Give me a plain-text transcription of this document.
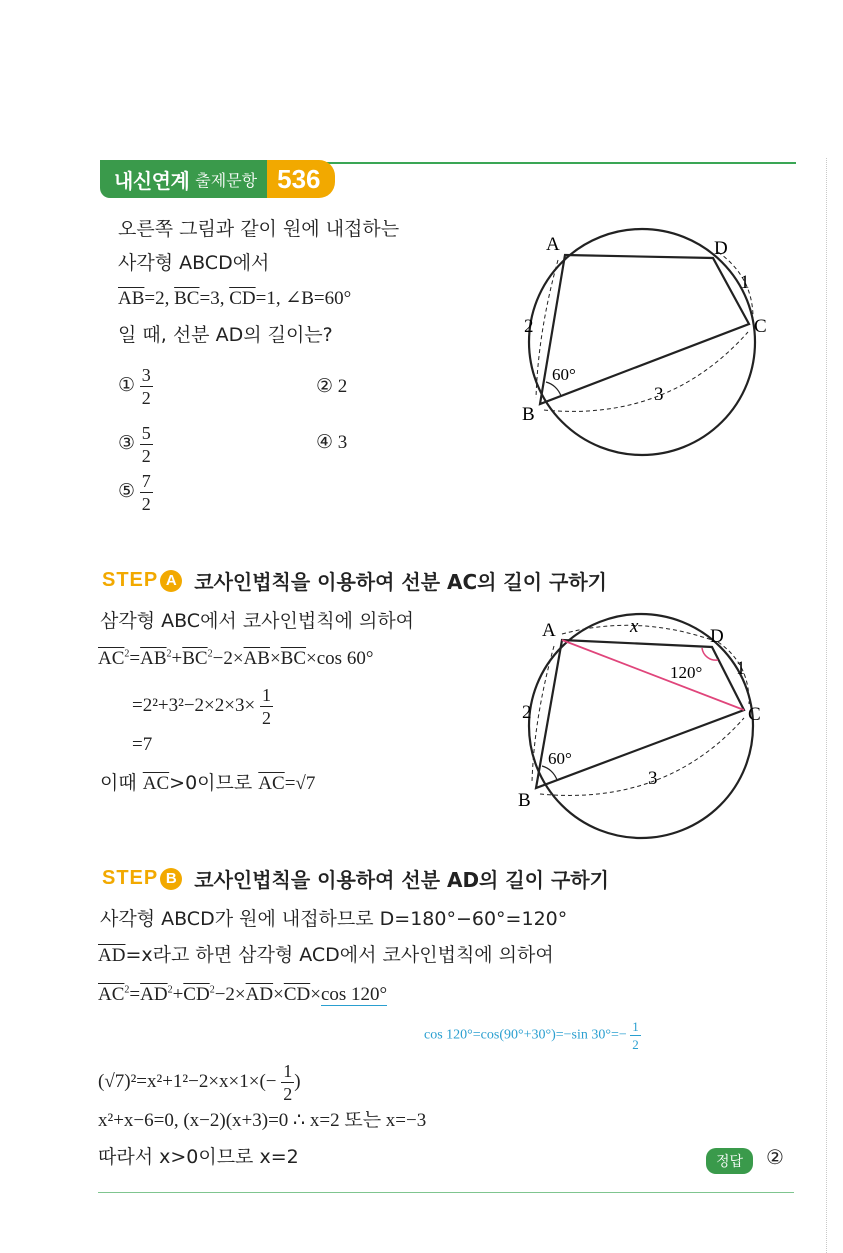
내신연계 출제문항 536
오른쪽 그림과 같이 원에 내접하는
사각형 ABCD에서
$\overline{AB}=2$, $\overline{BC}=3$, $\overline{CD}=1$, ∠B=60°
일 때, 선분 AD의 길이는?
① $\frac{3}{2}$	② 2
③ $\frac{5}{2}$	④ 3
⑤ $\frac{7}{2}$
A	D
C
B
2
3
1
60°
STEP A 코사인법칙을 이용하여 선분 AC의 길이 구하기
삼각형 ABC에서 코사인법칙에 의하여
$\overline{AC}^2=\overline{AB}^2+\overline{BC}^2-2\times\overline{AB}\times\overline{BC}\times\cos$ 60°
$=2^2+3^2-2\times 2\times 3\times \frac{1}{2}$
=7
이때 $\overline{AC}>0$이므로 $\overline{AC}=√7$
A	D
C
B
x
2
3
1
120°
60°
STEP B 코사인법칙을 이용하여 선분 AD의 길이 구하기
사각형 ABCD가 원에 내접하므로 D=180°−60°=120°
$\overline{AD}=x$라고 하면 삼각형 ACD에서 코사인법칙에 의하여
$\overline{AC}^2=\overline{AD}^2+\overline{CD}^2-2\times\overline{AD}\times\overline{CD}\times\cos$ 120°
cos 120°=cos(90°+30°)=−sin $30^\circ=- \frac{1}{2}$
$(√7)^2=x^2+1^2-2\times x\times 1\times(- \frac{1}{2}$ )
x²+x−6=0, (x−2)(x+3)=0 ∴ x=2 또는 x=−3
따라서 x>0이므로 x=2	정답	②
